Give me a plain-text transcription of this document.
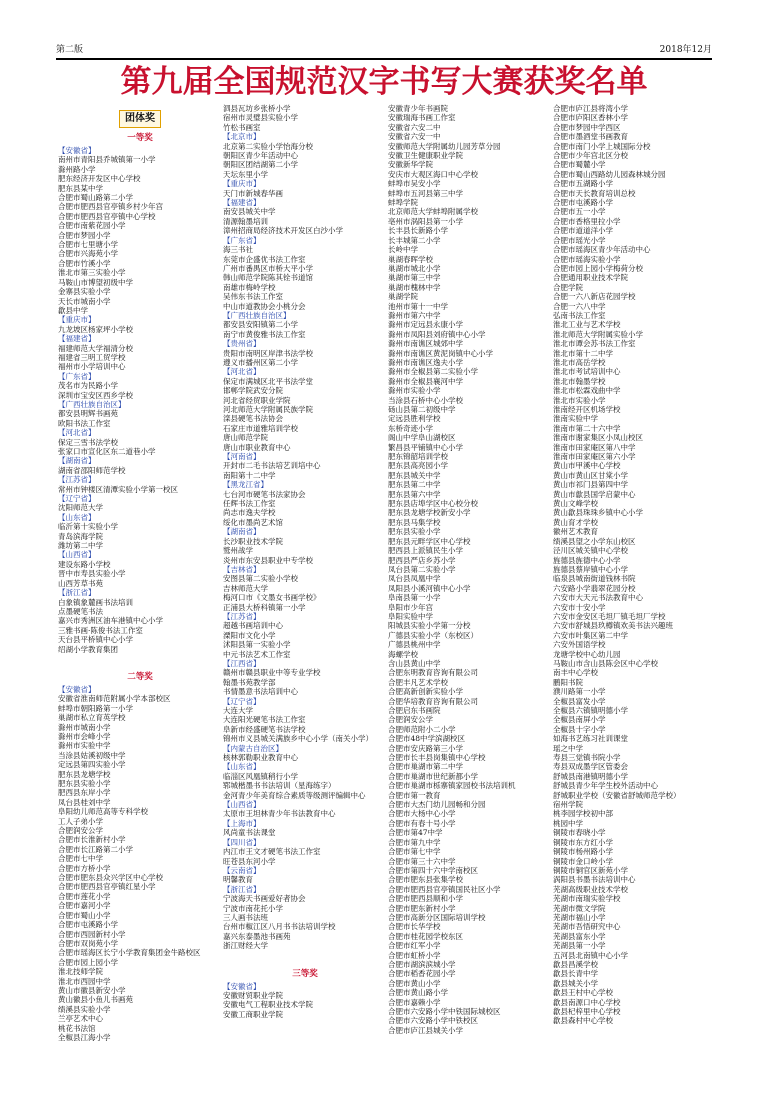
第二版	2018年12月
第九届全国规范汉字书写大赛获奖名单
团体奖
一等奖
【安徽省】
南州市青阳县乔城镇第一小学
滁州路小学
肥东经济开发区中心学校
肥东县某中学
合肥市蜀山路第二小学
合肥市肥西县官亭镇乡村少年宫
合肥市肥西县官亭镇中心学校
合肥市南紫花园小学
合肥市梦园小学
合肥市七里塘小学
合肥市兴海苑小学
合肥市竹溪小学
淮北市第三实验小学
马鞍山市博望初级中学
金寨县实验小学
天长市城南小学
歙县中学
【重庆市】
九龙坡区杨家坪小学校
【福建省】
福建师范大学福清分校
福建省三明工贸学校
福州市小学培训中心
【广东省】
茂名市为民路小学
深圳市宝安区西乡学校
【广西壮族自治区】
都安县明辉书画苑
欧阳书法工作室
【河北省】
保定三雪书法学校
张家口市宣化区东二道巷小学
【湖南省】
湖南省邵阳师范学校
【江苏省】
常州市钟楼区清潭实验小学第一校区
【辽宁省】
沈阳师范大学
【山东省】
临沂第十实验小学
青岛滨海学院
潍坊第二中学
【山西省】
建设东路小学校
晋中市寿县实验小学
山西芳草书苑
【浙江省】
白象镇象麓画书法培训
点墨硬笔书法
嘉兴市秀洲区油车港镇中心小学
三雅书画·陈俊书法工作室
天台县平桥镇中心小学
绍湖小学教育集团
二等奖
【安徽省】
安徽省淮南师范附属小学本部校区
蚌埠市朝阳路第一小学
巢湖市私立育英学校
滁州市城南小学
滁州市会峰小学
滁州市实验中学
当涂县姑溪初级中学
定远县第四实验小学
肥东县龙塘学校
肥东县实验小学
肥西县东岸小学
凤台县桂刘中学
阜阳幼儿师范高等专科学校
工人子弟小学
合肥润安公学
合肥市长淮新村小学
合肥市长江路第二小学
合肥市七中学
合肥市方桥小学
合肥市肥东县众兴学区中心学校
合肥市肥西县官亭镇红星小学
合肥市莲花小学
合肥市嘉河小学
合肥市蜀山小学
合肥市屯溪路小学
合肥市西园新村小学
合肥市双岗苑小学
合肥市瑶海区长宁小学教育集团金牛路校区
合肥市园上园小学
淮北技师学院
淮北市西园中学
黄山市徽县新安小学
黄山徽县小鱼儿书画苑
绩溪县实验小学
兰亭艺术中心
桃花书法馆
全椒县江海小学
泗县瓦坊乡张桥小学
宿州市灵璧县实验小学
竹松书画室
【北京市】
北京第二实验小学怡海分校
朝阳区青少年活动中心
朝阳区团结湖第二小学
天坛东里小学
【重庆市】
天门市新城春华画
【福建省】
南安县城关中学
清源翰墨培训
漳州招商局经济技术开发区白沙小学
【广东省】
海三书社
东莞市企盛优书法工作室
广州市番禺区市桥大平小学
韩山师范学院陈其铨书道馆
南雄市梅岭学校
吴伟东书法工作室
中山市道教协会小桃分会
【广西壮族自治区】
都安县安阳镇第二小学
南宁市黄俊雅书法工作室
【贵州省】
贵阳市南明区岸津书法学校
遵义市播州区第二小学
【河北省】
保定市满城区北平书法学堂
邯郸学院武安分院
河北省经贸职业学院
河北师范大学附属民族学院
滦县硬笔书法协会
石家庄市道雅培训学校
唐山师范学院
唐山市职业教育中心
【河南省】
开封市二毛书法培艺训培中心
南阳第十二中学
【黑龙江省】
七台河市硬笔书法家协会
任辉书法工作室
尚志市逸夫学校
绥化市墨尚艺术馆
【湖南省】
长沙职业技术学院
鹫州战学
炎州市东安县职业中专学校
【吉林省】
安图县第二实验小学校
吉林师范大学
梅河口市《文墨女书画学校》
正浦县大桥科镇第一小学
【江苏省】
超越书画培训中心
溧阳市文化小学
沭阳县第一实验小学
中元书法艺术工作室
【江西省】
赣州市赣县职业中等专业学校
翰墨书苑教学部
书情墨意书法培训中心
【辽宁省】
大连大学
大连阳光硬笔书法工作室
阜新市经盛硬笔书法学校
锦州市义县城关满族乡中心小学（南关小学）
【内蒙古自治区】
核林郭勒职业教育中心
【山东省】
临淄区风凰镇稍行小学
郓城楷墨书书法培训（星海练字）
金河青少年美育综合素质等级测评编辑中心
【山西省】
太原市王坦林青少年书法教育中心
【上海市】
风尚童书法课堂
【四川省】
内江市王文才硬笔书法工作室
旺苍县东河小学
【云南省】
明馨教育
【浙江省】
宁波海天书画爱好者协会
宁波市南花托小学
三人画书法班
台州市椒江区八月书书法培训学校
嘉兴东泰墨池书画苑
浙江财经大学
三等奖
【安徽省】
安徽财贸职业学院
安徽电气工程职业技术学院
安徽工商职业学院
安徽青少年书画院
安徽瑞海书画工作室
安徽省六安二中
安徽省六安一中
安徽师范大学附属幼儿园芳草分园
安徽卫生健康职业学院
安徽新华学院
安庆市大观区海口中心学校
蚌埠市吴安小学
蚌埠市五河县第三中学
蚌埠学院
北京师范大学蚌埠附属学校
亳州市涡阳县第一小学
长丰县长新路小学
长丰城第二小学
长岭中学
巢湖春晖学校
巢湖市城北小学
巢湖市第三中学
巢湖市槐林中学
巢湖学院
池州市第十一中学
滁州市第六中学
滁州市定远县永康小学
滁州市凤阳县刘府镇中心小学
滁州市南谯区城郊中学
滁州市南谯区黄泥岗镇中心小学
滁州市南谯区逸夫小学
滁州市全椒县第二实验小学
滁州市全椒县襄河中学
滁州市实验小学
当涂县石桥中心小学校
砀山县第二初级中学
定远县胜利学校
东桥奇迹小学
阁山中学阜山湖校区
繁昌县平铺镇中心小学
肥东锦韶培训学校
肥东县高亮园小学
肥东县城关中学
肥东县第二中学
肥东县第六中学
肥东县店埠学区中心校分校
肥东县龙塘学校新安小学
肥东县马集学校
肥东县实验小学
肥东县元畔学区中心学校
肥西县上派镇民生小学
肥西县严店乡苏小学
凤台县第二实验小学
凤台县凤凰中学
凤阳县小溪河镇中心小学
阜南县第一小学
阜阳市少年宫
阜阳实验中学
阳城县实验小学第一分校
广德县实验小学（东校区）
广德县桃州中学
海螺学校
含山县黄山中学
合肥东明教育咨询有限公司
合肥丰凡艺术学校
合肥高新创新实验小学
合肥华培教育咨询有限公司
合肥启东书画院
合肥润安公学
合肥师范附小二小学
合肥市48中学滨湖校区
合肥市安庆路第三小学
合肥市长丰县岗集镇中心学校
合肥市巢湖市第二中学
合肥市巢湖市世纪新都小学
合肥市巢湖市栎寨镇家园校书法培训机
合肥市第一教育
合肥市大杰门幼儿园畅和分园
合肥市大杨中心小学
合肥市有春十号小学
合肥市第47中学
合肥市第九中学
合肥市第七中学
合肥市第三十六中学
合肥市第四十六中学南校区
合肥市肥东县张集学校
合肥市肥西县官亭镇国民社区小学
合肥市肥西县顺和小学
合肥市肥东新村小学
合肥市高新分区国际培训学校
合肥市长华学校
合肥市桂花园学校东区
合肥市红军小学
合肥市虹桥小学
合肥市湖滨滨城小学
合肥市稻香花园小学
合肥市黄山小学
合肥市黄山路小学
合肥市嘉赖小学
合肥市六安路小学中铁国际城校区
合肥市六安路小学中铁校区
合肥市庐江县城关小学
合肥市庐江县将湾小学
合肥市庐阳区香林小学
合肥市梦园中学西区
合肥市墨酒堂书画教育
合肥市南门小学上城国际分校
合肥市少年宫北区分校
合肥市蜀麓小学
合肥市蜀山西路幼儿园森林城分园
合肥市五湖路小学
合肥市天长教育培训总校
合肥市屯溪路小学
合肥市五一小学
合肥市香格里拉小学
合肥市道道洋小学
合肥市瑶光小学
合肥市瑶海区青少年活动中心
合肥市瑶海实验小学
合肥市园上园小学梅荷分校
合肥通用职业技术学院
合肥学院
合肥一六八新店花园学校
合肥一六八中学
弘南书法工作室
淮北工业与艺术学校
淮北师范大学附属实验小学
淮北市谭会苏书法工作室
淮北市第十二中学
淮北市高岳学校
淮北市考试培训中心
淮北市翰墨学校
淮北市松霖戏曲中学
淮北市实验小学
淮南经开区机场学校
淮南实验中学
淮南市第二十六中学
淮南市谢家集区小凤山校区
淮南市田家庵区第八中学
淮南市田家庵区第六小学
黄山市甲溪中心学校
黄山市黄山区甘棠小学
黄山市祁门县第四中学
黄山市歙县国学启蒙中心
黄山文峰学校
黄山歙县珠珠乡镇中心小学
黄山育才学校
徽州艺术教育
绩溪县望之小学东山校区
泾川区城关镇中心学校
旌德县旌德中心小学
旌德县蔡岸镇中心小学
临泉县城南街道钱林书院
六安路小学翡翠花园分校
六安市大天元书法教育中心
六安市十安小学
六安市金安区毛坦厂镇毛坦厂学校
六安市舒城县玖樽镇欢美书法兴趣班
六安市叶集区第二中学
六安外国语学校
龙塘学校中心幼儿园
马鞍山市含山县陈会区中心学校
南丰中心学校
鹏阳书院
濮川路第一小学
全椒县富发小学
全椒县六镇镇明德小学
全椒县南屏小学
全椒县十字小学
如海书艺练习社训课堂
瑶之中学
寿县三觉镇书院小学
寿县双成墨学区管委会
舒城县南港镇明德小学
舒城县青少年学生校外活动中心
舒城职业学校（安徽省舒城师范学校）
宿州学院
桃李园学校初中部
桃园中学
铜陵市春晓小学
铜陵市东方红小学
铜陵市杨州路小学
铜陵市金口岭小学
铜陵市铜官区新苑小学
涡阳县书墨书法培训中心
芜湖高级职业技术学校
芜湖市南瑞实验学校
芜湖市微文学院
芜湖市福山小学
芜湖市吾悟研究中心
芜湖县富东小学
芜湖县第一小学
五河县北南镇中心小学
歙县昌溪学校
歙县长青中学
歙县城关小学
歙县王村中心学校
歙县南源口中心学校
歙县杞梓里中心学校
歙县森村中心学校
